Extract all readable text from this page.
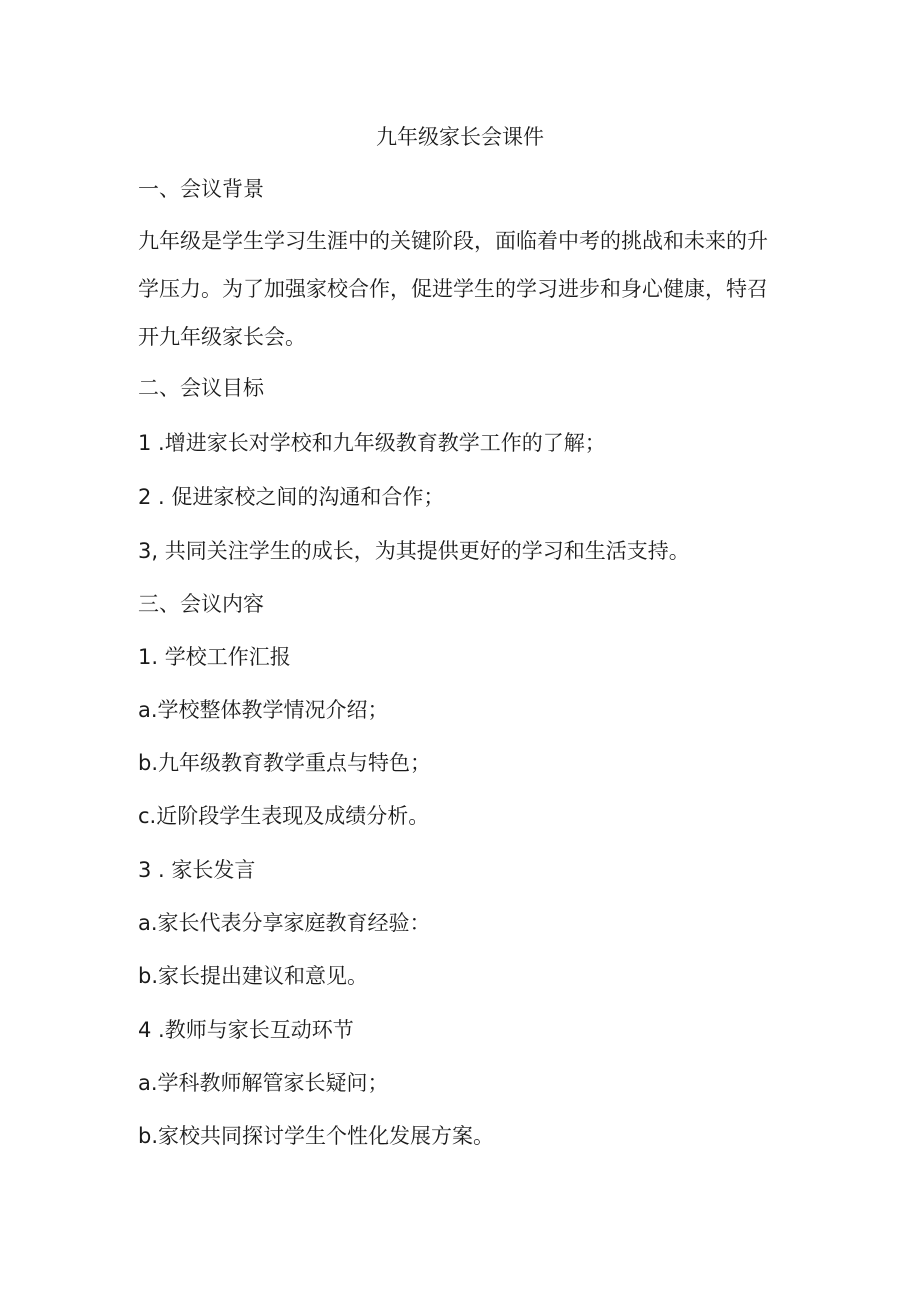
九年级家长会课件
一、会议背景
九年级是学生学习生涯中的关键阶段，面临着中考的挑战和未来的升
学压力。为了加强家校合作，促进学生的学习进步和身心健康，特召
开九年级家长会。
二、会议目标
1 .增进家长对学校和九年级教育教学工作的了解；
2 . 促进家校之间的沟通和合作；
3, 共同关注学生的成长，为其提供更好的学习和生活支持。
三、会议内容
1. 学校工作汇报
a.学校整体教学情况介绍；
b.九年级教育教学重点与特色；
c.近阶段学生表现及成绩分析。
3 . 家长发言
a.家长代表分享家庭教育经验：
b.家长提出建议和意见。
4 .教师与家长互动环节
a.学科教师解管家长疑问；
b.家校共同探讨学生个性化发展方案。
